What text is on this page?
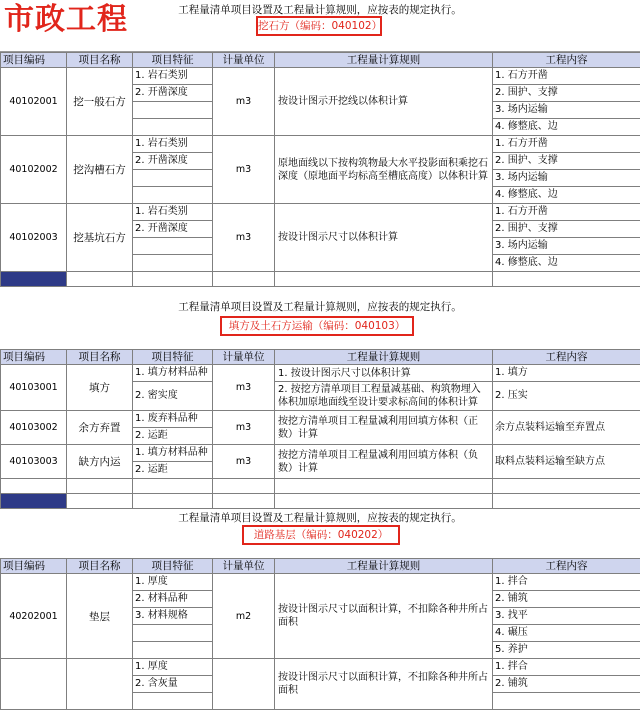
市政工程	工程量清单项目设置及工程量计算规则，应按表的规定执行。
挖石方（编码：040102）
项目编码	项目名称	项目特征	计量单位	工程量计算规则	工程内容
40102001	挖一般石方	1. 岩石类别	m3	按设计图示开挖线以体积计算	1. 石方开凿
		2. 开凿深度			2. 围护、支撑
					3. 场内运输
					4. 修整底、边
40102002	挖沟槽石方	1. 岩石类别	m3	原地面线以下按构筑物最大水平投影面积乘挖石深度（原地面平均标高至槽底高度）以体积计算	1. 石方开凿
		2. 开凿深度			2. 围护、支撑
					3. 场内运输
					4. 修整底、边
40102003	挖基坑石方	1. 岩石类别	m3	按设计图示尺寸以体积计算	1. 石方开凿
		2. 开凿深度			2. 围护、支撑
					3. 场内运输
					4. 修整底、边

工程量清单项目设置及工程量计算规则，应按表的规定执行。
填方及土石方运输（编码：040103）
项目编码	项目名称	项目特征	计量单位	工程量计算规则	工程内容
40103001	填方	1. 填方材料品种	m3	1. 按设计图示尺寸以体积计算	1. 填方
		2. 密实度		2. 按挖方清单项目工程量减基础、构筑物埋入体积加原地面线至设计要求标高间的体积计算	
					2. 压实
40103002	余方弃置	1. 废弃料品种	m3	按挖方清单项目工程量减利用回填方体积（正数）计算	余方点装料运输至弃置点
		2. 运距			
40103003	缺方内运	1. 填方材料品种	m3	按挖方清单项目工程量减利用回填方体积（负数）计算	取料点装料运输至缺方点
		2. 运距			

工程量清单项目设置及工程量计算规则，应按表的规定执行。
道路基层（编码：040202）
项目编码	项目名称	项目特征	计量单位	工程量计算规则	工程内容
40202001	垫层	1. 厚度	m2	按设计图示尺寸以面积计算，不扣除各种井所占面积	1. 拌合
		2. 材料品种			2. 铺筑
		3. 材料规格			3. 找平
					4. 碾压
					5. 养护
		1. 厚度		按设计图示尺寸以面积计算，不扣除各种井所占面积	1. 拌合
		2. 含灰量			2. 铺筑
